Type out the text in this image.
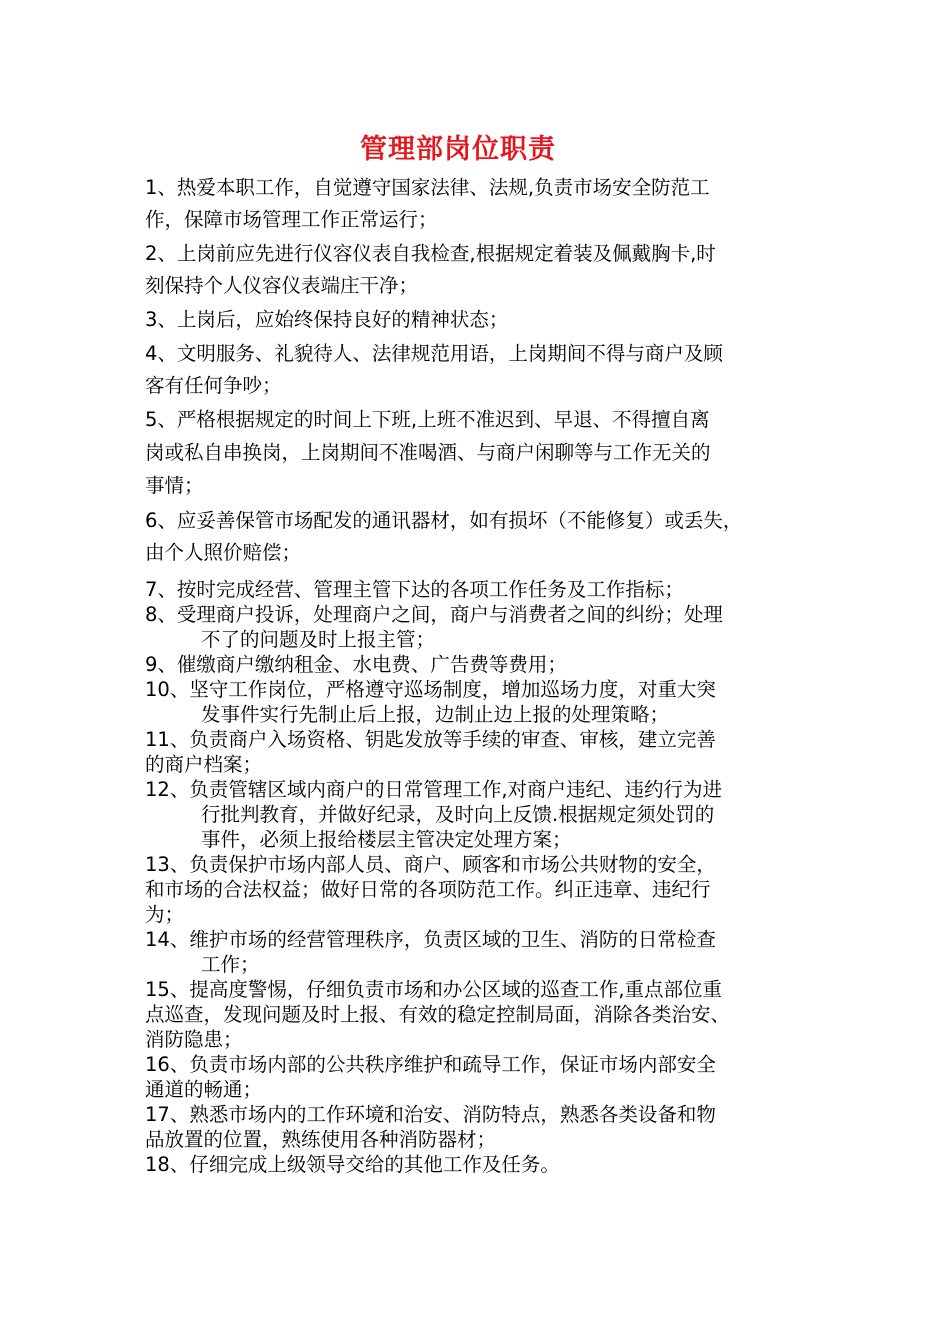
管理部岗位职责
1、热爱本职工作，自觉遵守国家法律、法规,负责市场安全防范工
作，保障市场管理工作正常运行；
2、上岗前应先进行仪容仪表自我检查,根据规定着装及佩戴胸卡,时
刻保持个人仪容仪表端庄干净；
3、上岗后，应始终保持良好的精神状态；
4、文明服务、礼貌待人、法律规范用语，上岗期间不得与商户及顾
客有任何争吵；
5、严格根据规定的时间上下班,上班不准迟到、早退、不得擅自离
岗或私自串换岗，上岗期间不准喝酒、与商户闲聊等与工作无关的
事情；
6、应妥善保管市场配发的通讯器材，如有损坏（不能修复）或丢失，
由个人照价赔偿；
7、按时完成经营、管理主管下达的各项工作任务及工作指标；
8、受理商户投诉，处理商户之间，商户与消费者之间的纠纷；处理
不了的问题及时上报主管；
9、催缴商户缴纳租金、水电费、广告费等费用；
10、坚守工作岗位，严格遵守巡场制度，增加巡场力度，对重大突
发事件实行先制止后上报，边制止边上报的处理策略；
11、负责商户入场资格、钥匙发放等手续的审查、审核，建立完善
的商户档案；
12、负责管辖区域内商户的日常管理工作,对商户违纪、违约行为进
行批判教育，并做好纪录，及时向上反馈.根据规定须处罚的
事件，必须上报给楼层主管决定处理方案；
13、负责保护市场内部人员、商户、顾客和市场公共财物的安全，
和市场的合法权益；做好日常的各项防范工作。纠正违章、违纪行
为；
14、维护市场的经营管理秩序，负责区域的卫生、消防的日常检查
工作；
15、提高度警惕，仔细负责市场和办公区域的巡查工作,重点部位重
点巡查，发现问题及时上报、有效的稳定控制局面，消除各类治安、
消防隐患；
16、负责市场内部的公共秩序维护和疏导工作，保证市场内部安全
通道的畅通；
17、熟悉市场内的工作环境和治安、消防特点，熟悉各类设备和物
品放置的位置，熟练使用各种消防器材；
18、仔细完成上级领导交给的其他工作及任务。
